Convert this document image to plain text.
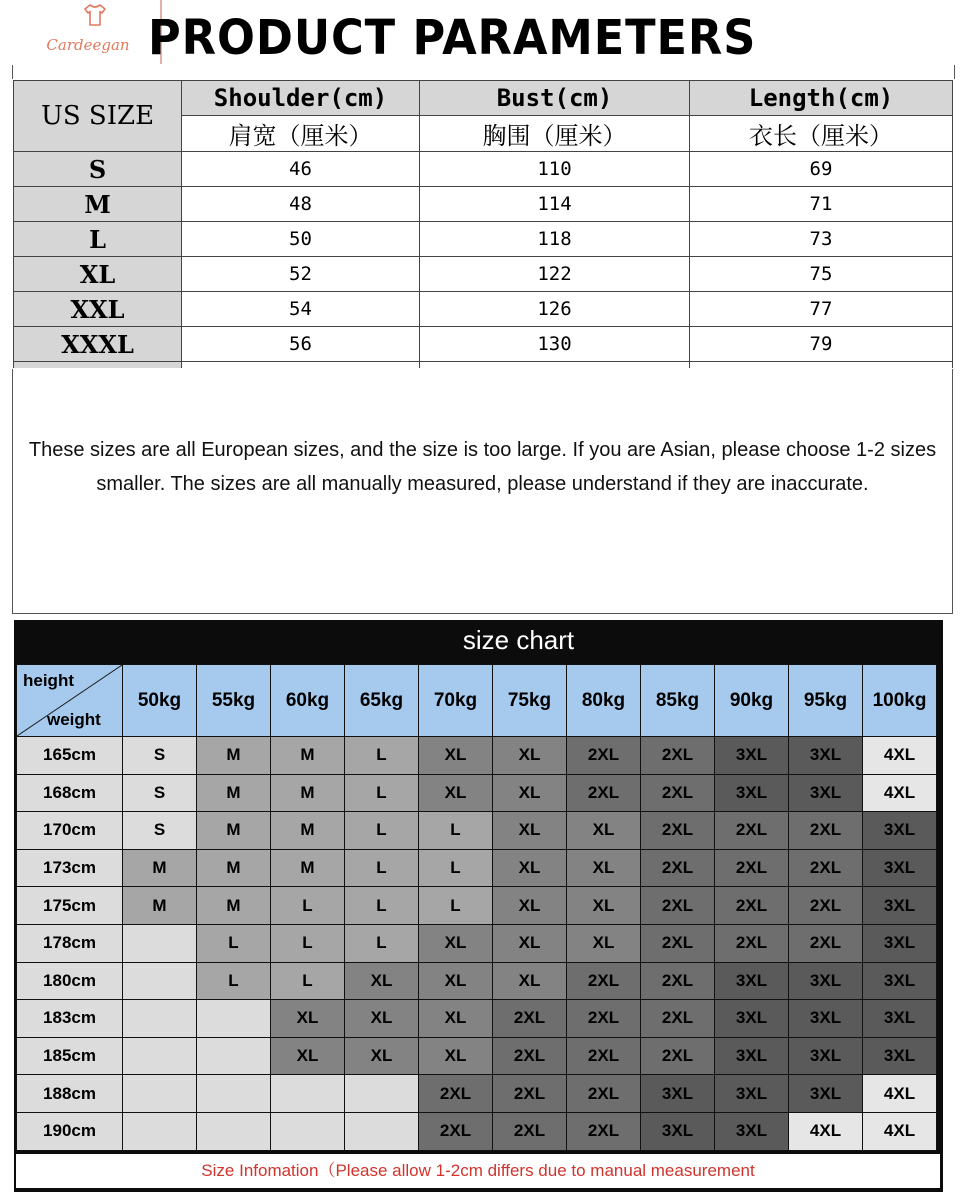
Cardeegan PRODUCT PARAMETERS
US SIZE	Shoulder(cm)	Bust(cm)	Length(cm)
	肩宽（厘米）	胸围（厘米）	衣长（厘米）
S	46	110	69
M	48	114	71
L	50	118	73
XL	52	122	75
XXL	54	126	77
XXXL	56	130	79

These sizes are all European sizes, and the size is too large. If you are Asian, please choose 1-2 sizes smaller. The sizes are all manually measured, please understand if they are inaccurate.

size chart
height
weight	50kg	55kg	60kg	65kg	70kg	75kg	80kg	85kg	90kg	95kg	100kg
165cm	S	M	M	L	XL	XL	2XL	2XL	3XL	3XL	4XL
168cm	S	M	M	L	XL	XL	2XL	2XL	3XL	3XL	4XL
170cm	S	M	M	L	L	XL	XL	2XL	2XL	2XL	3XL
173cm	M	M	M	L	L	XL	XL	2XL	2XL	2XL	3XL
175cm	M	M	L	L	L	XL	XL	2XL	2XL	2XL	3XL
178cm		L	L	L	XL	XL	XL	2XL	2XL	2XL	3XL
180cm		L	L	XL	XL	XL	2XL	2XL	3XL	3XL	3XL
183cm			XL	XL	XL	2XL	2XL	2XL	3XL	3XL	3XL
185cm			XL	XL	XL	2XL	2XL	2XL	3XL	3XL	3XL
188cm					2XL	2XL	2XL	3XL	3XL	3XL	4XL
190cm					2XL	2XL	2XL	3XL	3XL	4XL	4XL
Size Infomation（Please allow 1-2cm differs due to manual measurement
